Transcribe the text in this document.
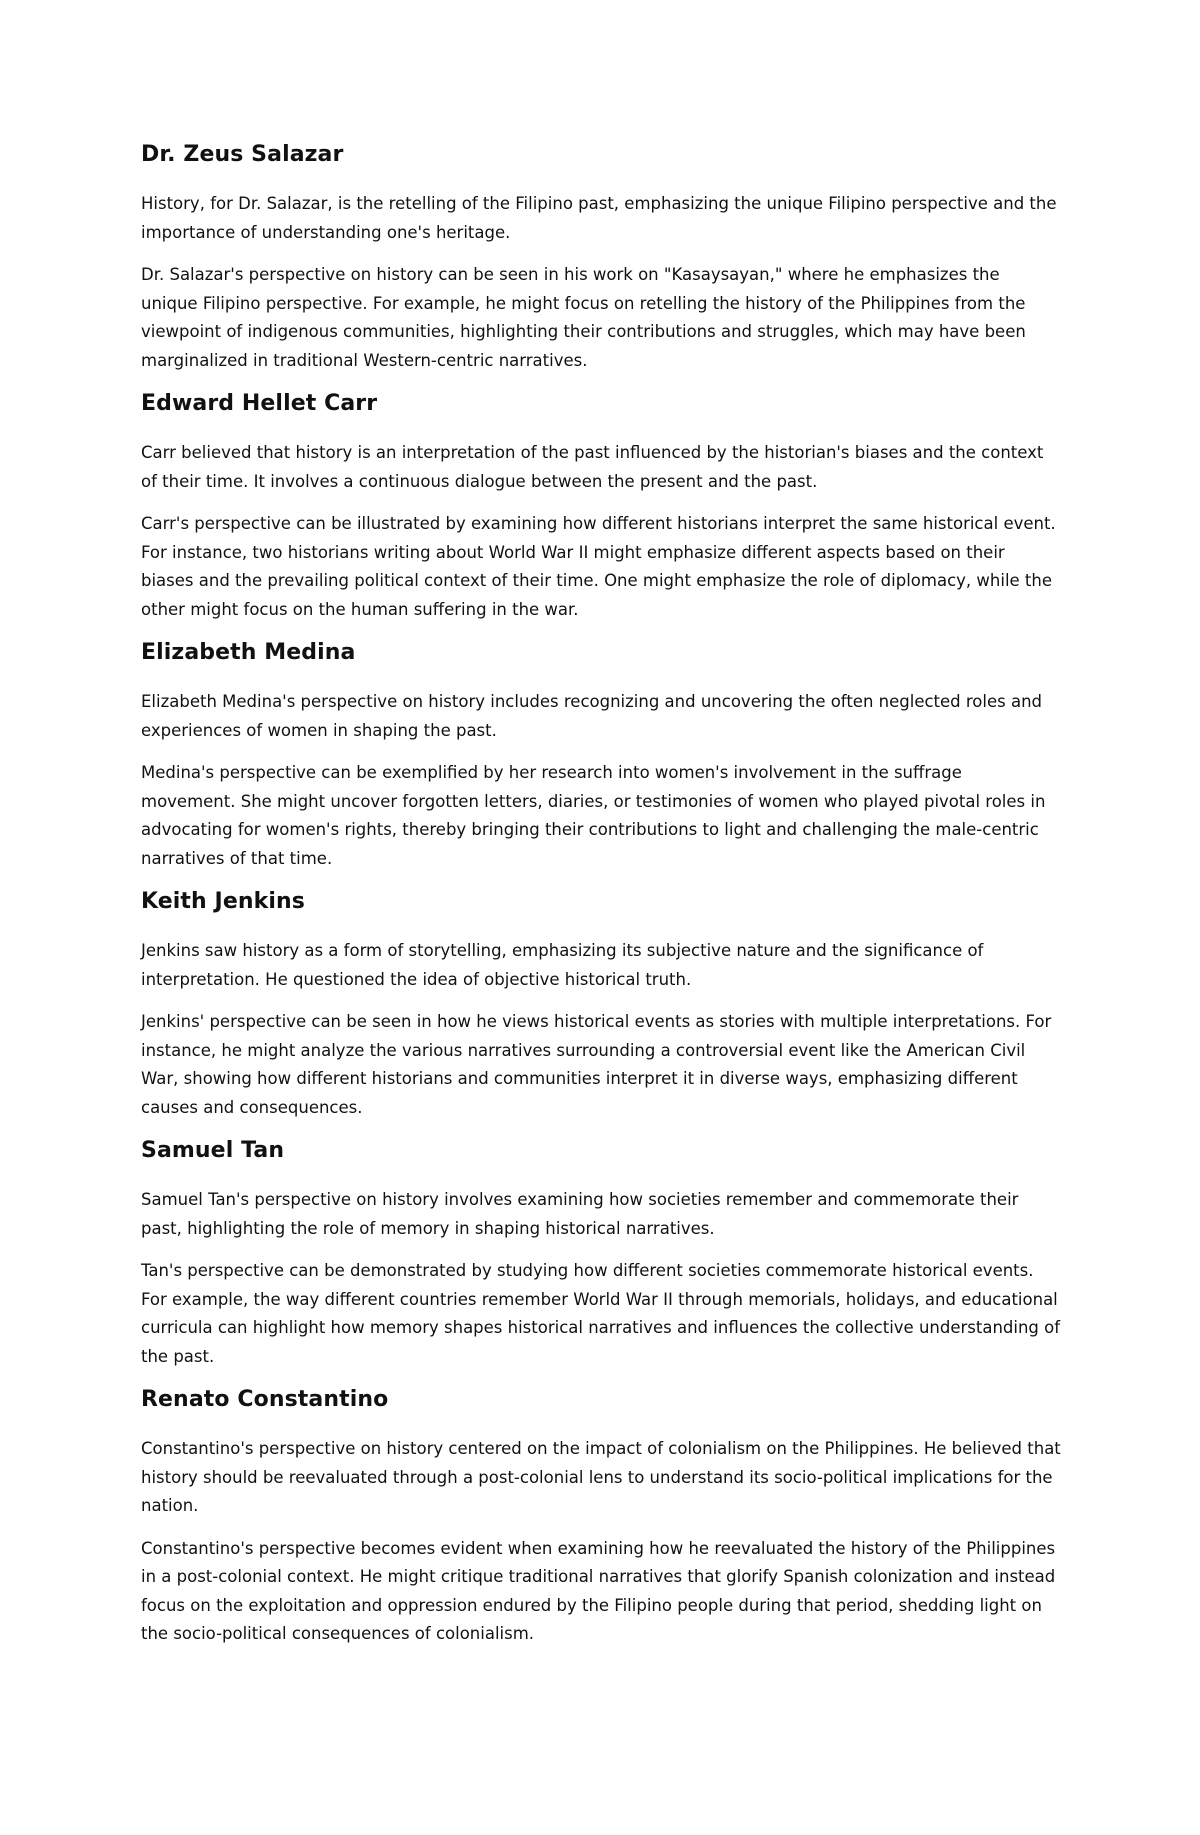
Dr. Zeus Salazar

History, for Dr. Salazar, is the retelling of the Filipino past, emphasizing the unique Filipino perspective and the importance of understanding one's heritage.

Dr. Salazar's perspective on history can be seen in his work on "Kasaysayan," where he emphasizes the unique Filipino perspective. For example, he might focus on retelling the history of the Philippines from the viewpoint of indigenous communities, highlighting their contributions and struggles, which may have been marginalized in traditional Western-centric narratives.

Edward Hellet Carr

Carr believed that history is an interpretation of the past influenced by the historian's biases and the context of their time. It involves a continuous dialogue between the present and the past.

Carr's perspective can be illustrated by examining how different historians interpret the same historical event. For instance, two historians writing about World War II might emphasize different aspects based on their biases and the prevailing political context of their time. One might emphasize the role of diplomacy, while the other might focus on the human suffering in the war.

Elizabeth Medina

Elizabeth Medina's perspective on history includes recognizing and uncovering the often neglected roles and experiences of women in shaping the past.

Medina's perspective can be exemplified by her research into women's involvement in the suffrage movement. She might uncover forgotten letters, diaries, or testimonies of women who played pivotal roles in advocating for women's rights, thereby bringing their contributions to light and challenging the male-centric narratives of that time.

Keith Jenkins

Jenkins saw history as a form of storytelling, emphasizing its subjective nature and the significance of interpretation. He questioned the idea of objective historical truth.

Jenkins' perspective can be seen in how he views historical events as stories with multiple interpretations. For instance, he might analyze the various narratives surrounding a controversial event like the American Civil War, showing how different historians and communities interpret it in diverse ways, emphasizing different causes and consequences.

Samuel Tan

Samuel Tan's perspective on history involves examining how societies remember and commemorate their past, highlighting the role of memory in shaping historical narratives.

Tan's perspective can be demonstrated by studying how different societies commemorate historical events. For example, the way different countries remember World War II through memorials, holidays, and educational curricula can highlight how memory shapes historical narratives and influences the collective understanding of the past.

Renato Constantino

Constantino's perspective on history centered on the impact of colonialism on the Philippines. He believed that history should be reevaluated through a post-colonial lens to understand its socio-political implications for the nation.

Constantino's perspective becomes evident when examining how he reevaluated the history of the Philippines in a post-colonial context. He might critique traditional narratives that glorify Spanish colonization and instead focus on the exploitation and oppression endured by the Filipino people during that period, shedding light on the socio-political consequences of colonialism.
